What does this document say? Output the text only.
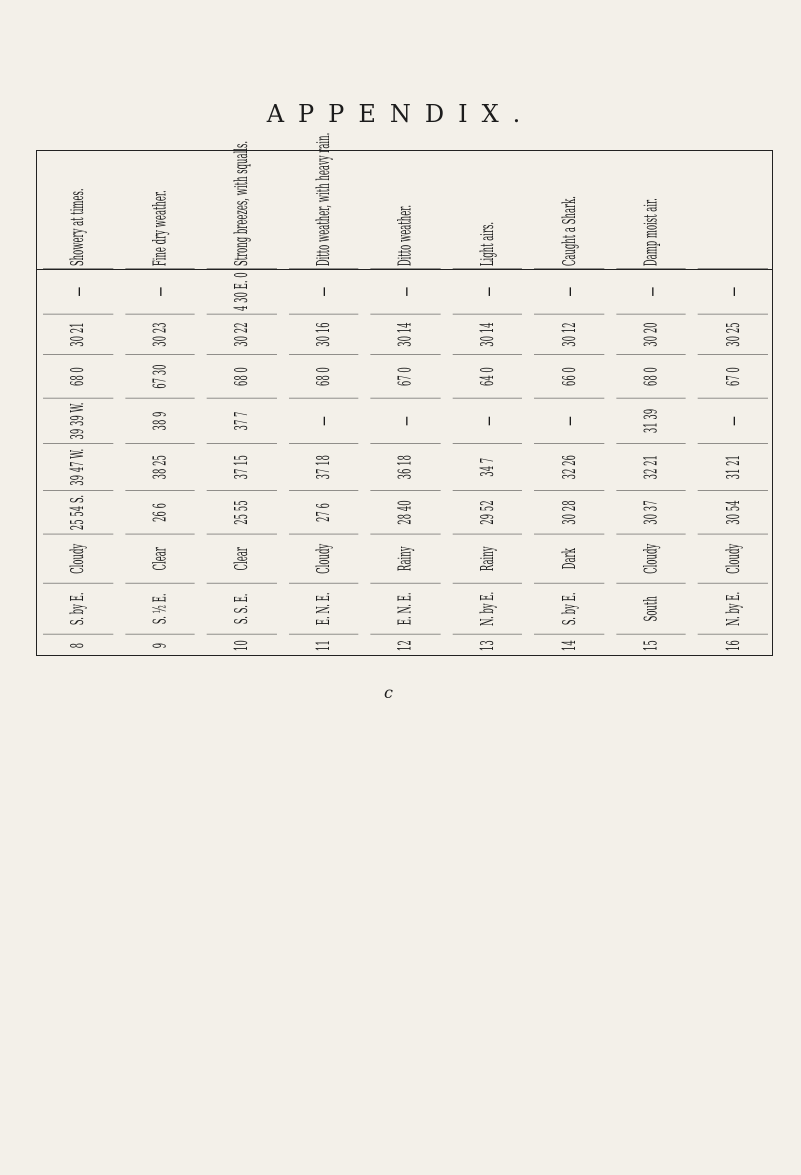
APPENDIX.
8
S. by E.
Cloudy
25 54 S.
39 47 W.
39 39 W.
68 0
30 21
—
Showery at times.
9
S. ½ E.
Clear
26 6
38 25
38 9
67 30
30 23
—
Fine dry weather.
10
S. S. E.
Clear
25 55
37 15
37 7
68 0
30 22
4 30 E. 0
Strong breezes, with squalls.
11
E. N. E.
Cloudy
27 6
37 18
—
68 0
30 16
—
Ditto weather, with heavy rain.
12
E. N. E.
Rainy
28 40
36 18
—
67 0
30 14
—
Ditto weather.
13
N. by E.
Rainy
29 52
34 7
—
64 0
30 14
—
Light airs.
14
S. by E.
Dark
30 28
32 26
—
66 0
30 12
—
Caught a Shark.
15
South
Cloudy
30 37
32 21
31 39
68 0
30 20
—
Damp moist air.
16
N. by E.
Cloudy
30 54
31 21
—
67 0
30 25
—
c
